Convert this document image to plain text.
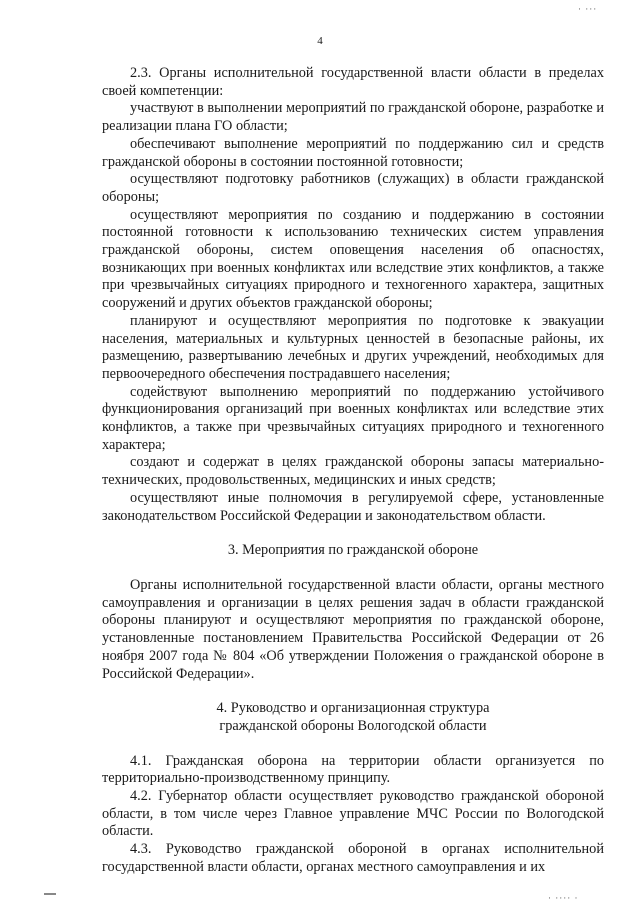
· ···
4

2.3. Органы исполнительной государственной власти области в пределах своей компетенции:

участвуют в выполнении мероприятий по гражданской обороне, разработке и реализации плана ГО области;

обеспечивают выполнение мероприятий по поддержанию сил и средств гражданской обороны в состоянии постоянной готовности;

осуществляют подготовку работников (служащих) в области гражданской обороны;

осуществляют мероприятия по созданию и поддержанию в состоянии постоянной готовности к использованию технических систем управления гражданской обороны, систем оповещения населения об опасностях, возникающих при военных конфликтах или вследствие этих конфликтов, а также при чрезвычайных ситуациях природного и техногенного характера, защитных сооружений и других объектов гражданской обороны;

планируют и осуществляют мероприятия по подготовке к эвакуации населения, материальных и культурных ценностей в безопасные районы, их размещению, развертыванию лечебных и других учреждений, необходимых для первоочередного обеспечения пострадавшего населения;

содействуют выполнению мероприятий по поддержанию устойчивого функционирования организаций при военных конфликтах или вследствие этих конфликтов, а также при чрезвычайных ситуациях природного и техногенного характера;

создают и содержат в целях гражданской обороны запасы материально-технических, продовольственных, медицинских и иных средств;

осуществляют иные полномочия в регулируемой сфере, установленные законодательством Российской Федерации и законодательством области.

3. Мероприятия по гражданской обороне

Органы исполнительной государственной власти области, органы местного самоуправления и организации в целях решения задач в области гражданской обороны планируют и осуществляют мероприятия по гражданской обороне, установленные постановлением Правительства Российской Федерации от 26 ноября 2007 года № 804 «Об утверждении Положения о гражданской обороне в Российской Федерации».

4. Руководство и организационная структура

гражданской обороны Вологодской области

4.1. Гражданская оборона на территории области организуется по территориально-производственному принципу.

4.2. Губернатор области осуществляет руководство гражданской обороной области, в том числе через Главное управление МЧС России по Вологодской области.

4.3. Руководство гражданской обороной в органах исполнительной государственной власти области, органах местного самоуправления и их

· ···· ·
